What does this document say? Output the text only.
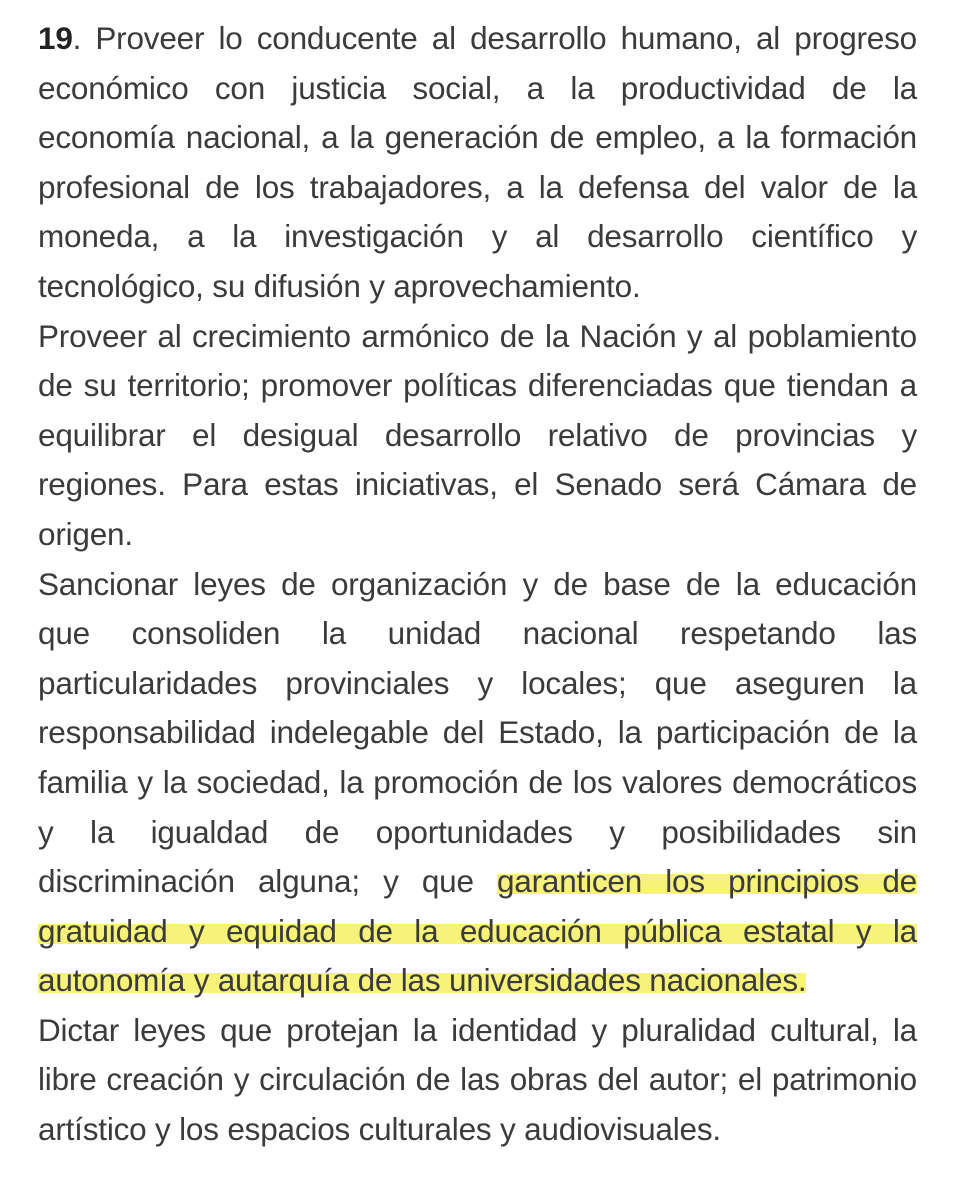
19. Proveer lo conducente al desarrollo humano, al progreso económico con justicia social, a la productividad de la economía nacional, a la generación de empleo, a la formación profesional de los trabajadores, a la defensa del valor de la moneda, a la investigación y al desarrollo científico y tecnológico, su difusión y aprovechamiento.

Proveer al crecimiento armónico de la Nación y al poblamiento de su territorio; promover políticas diferenciadas que tiendan a equilibrar el desigual desarrollo relativo de provincias y regiones. Para estas iniciativas, el Senado será Cámara de origen.

Sancionar leyes de organización y de base de la educación que consoliden la unidad nacional respetando las particularidades provinciales y locales; que aseguren la responsabilidad indelegable del Estado, la participación de la familia y la sociedad, la promoción de los valores democráticos y la igualdad de oportunidades y posibilidades sin discriminación alguna; y que garanticen los principios de gratuidad y equidad de la educación pública estatal y la autonomía y autarquía de las universidades nacionales.

Dictar leyes que protejan la identidad y pluralidad cultural, la libre creación y circulación de las obras del autor; el patrimonio artístico y los espacios culturales y audiovisuales.
